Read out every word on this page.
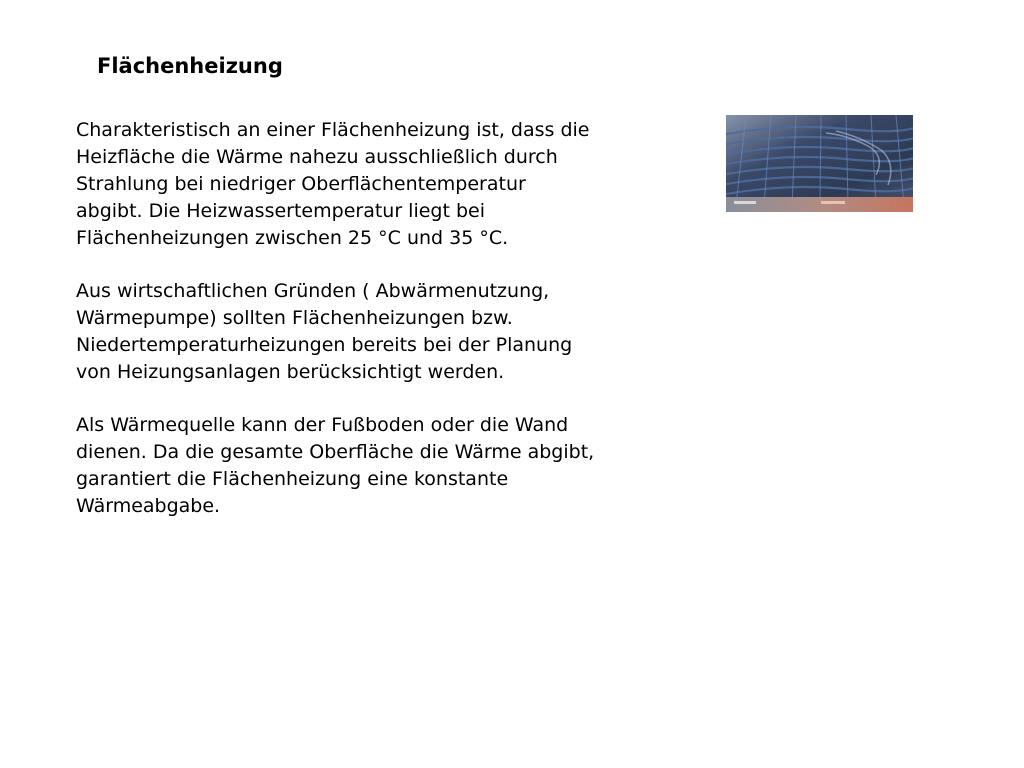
Flächenheizung
Charakteristisch an einer Flächenheizung ist, dass die
Heizfläche die Wärme nahezu ausschließlich durch
Strahlung bei niedriger Oberflächentemperatur
abgibt. Die Heizwassertemperatur liegt bei
Flächenheizungen zwischen 25 °C und 35 °C.
Aus wirtschaftlichen Gründen ( Abwärmenutzung,
Wärmepumpe) sollten Flächenheizungen bzw.
Niedertemperaturheizungen bereits bei der Planung
von Heizungsanlagen berücksichtigt werden.
Als Wärmequelle kann der Fußboden oder die Wand
dienen. Da die gesamte Oberfläche die Wärme abgibt,
garantiert die Flächenheizung eine konstante
Wärmeabgabe.
